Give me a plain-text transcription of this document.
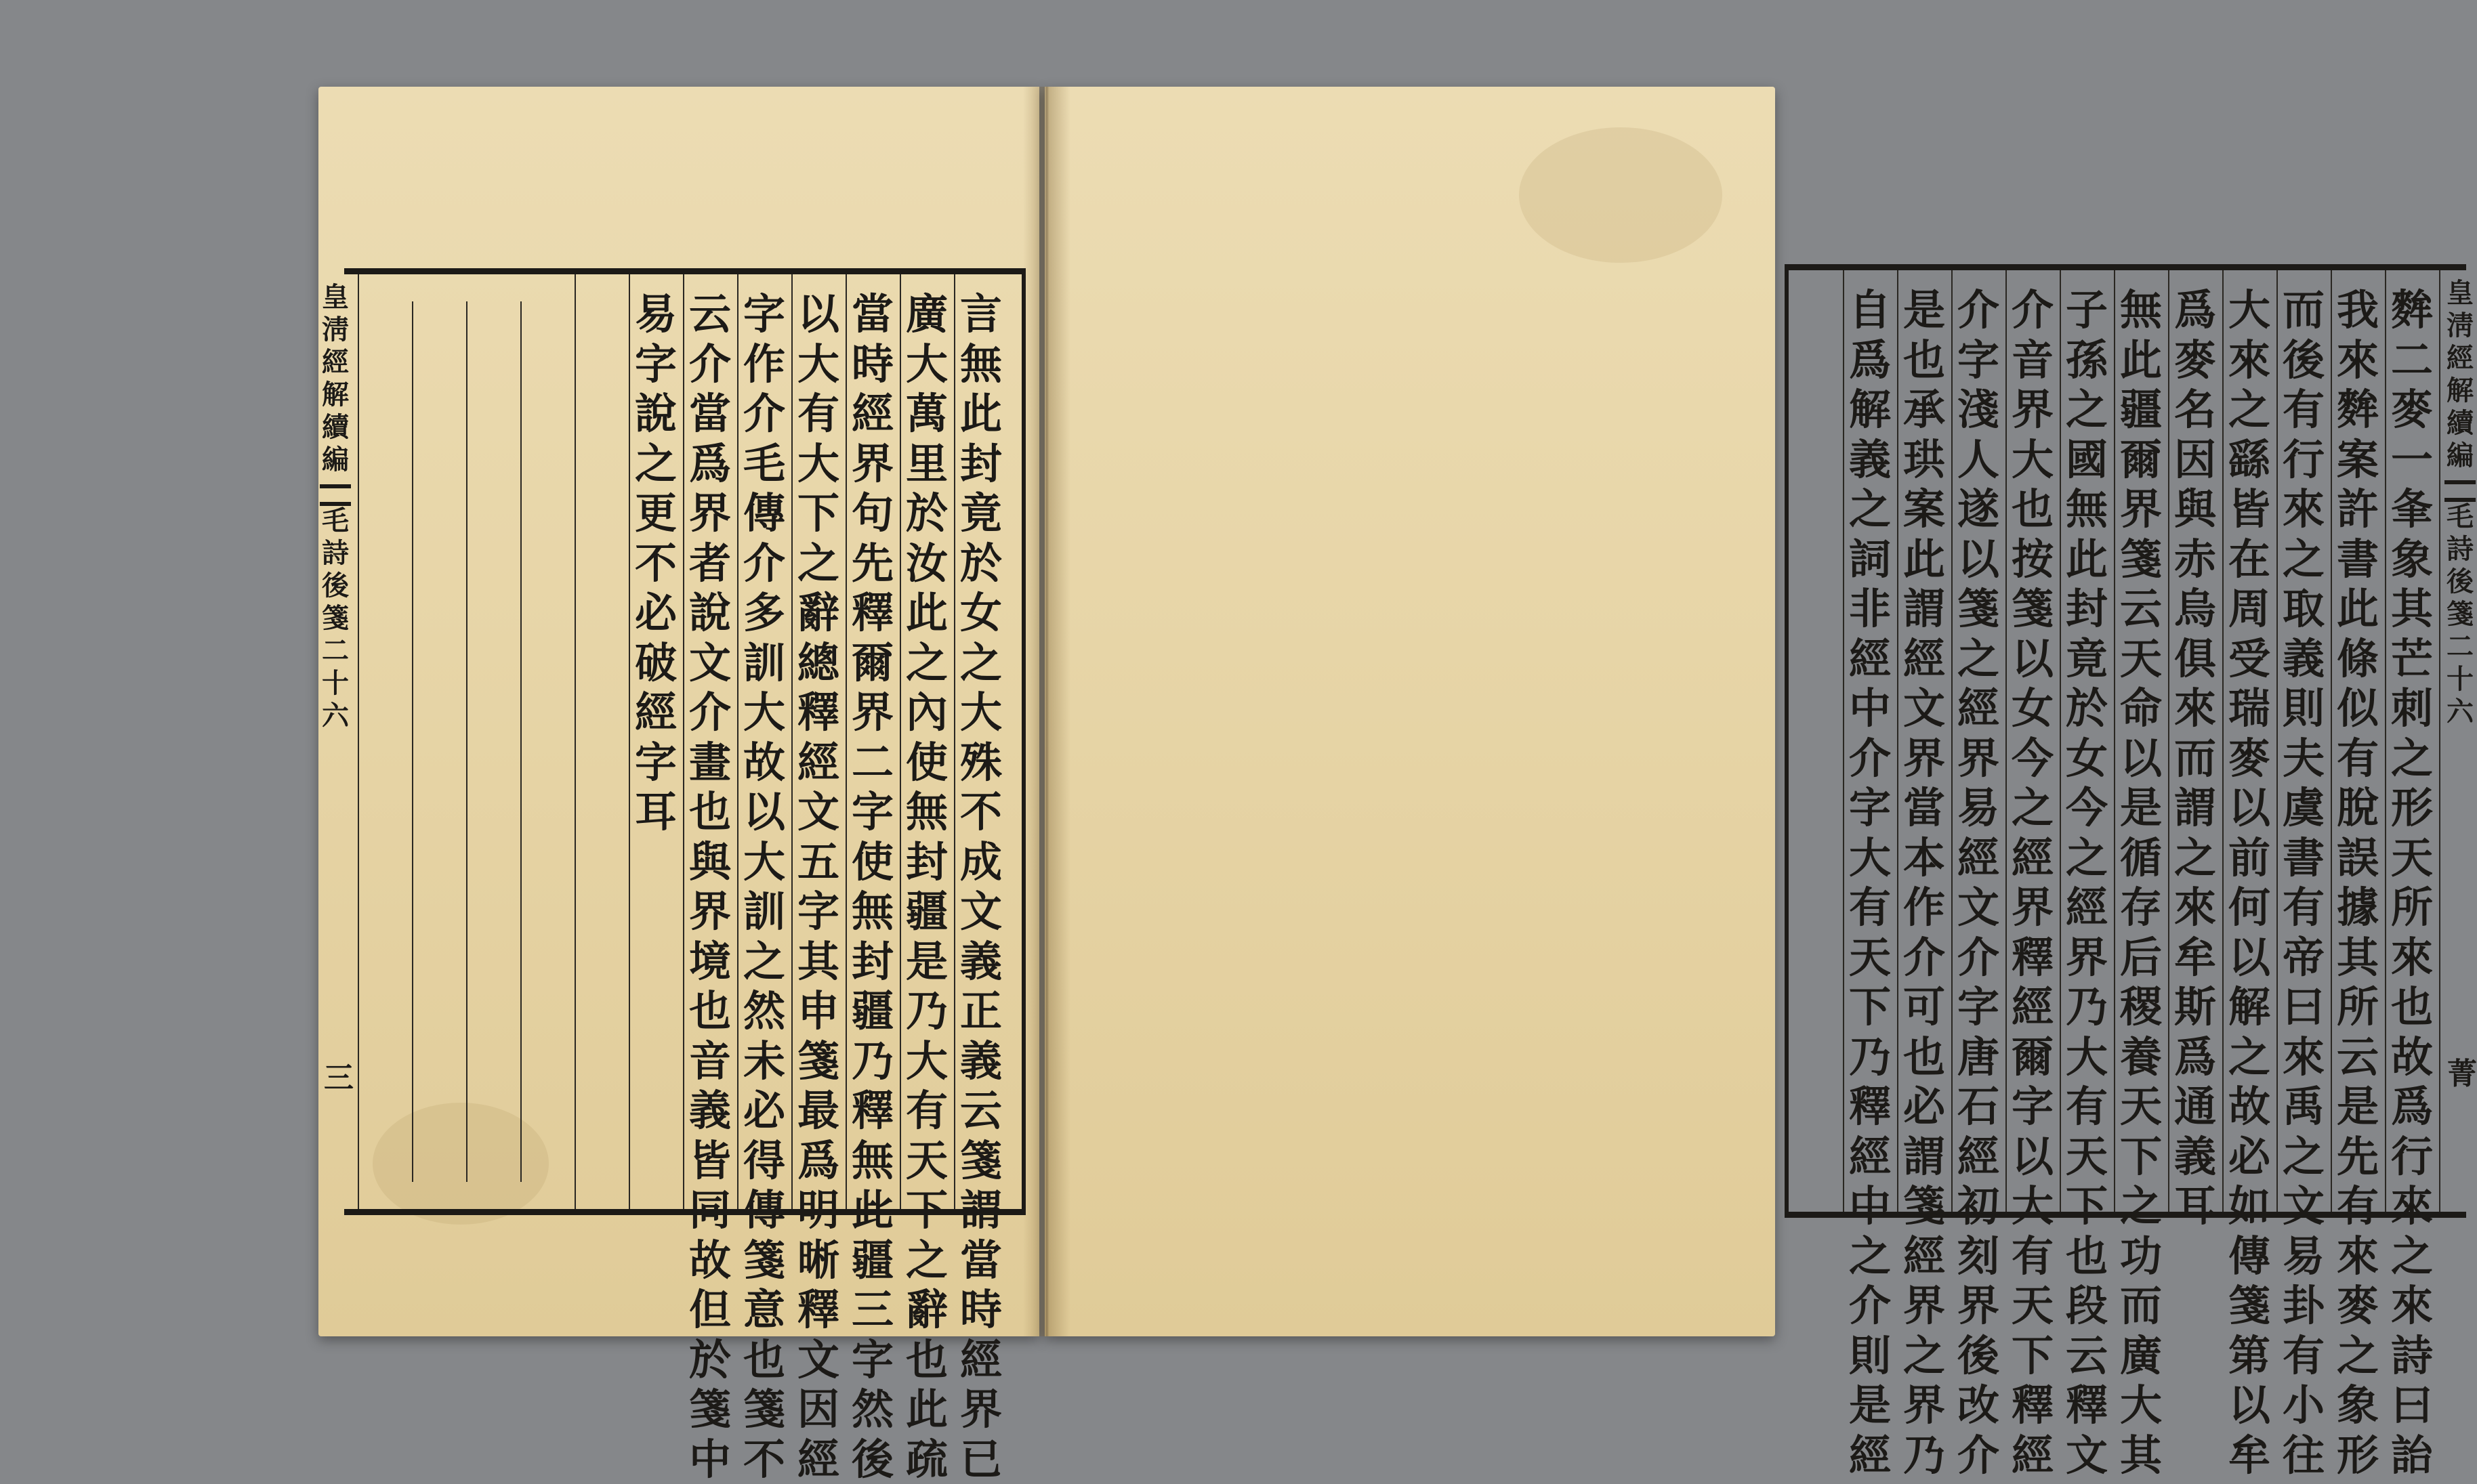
皇
淸
經
解
續
編
毛
詩
後
箋
二
十
六
三
言
無
此
封
竟
於
女
之
大
殊
不
成
文
義
正
義
云
箋
謂
當
時
經
界
已
廣
大
萬
里
於
汝
此
之
內
使
無
封
疆
是
乃
大
有
天
下
之
辭
也
此
疏
當
時
經
界
句
先
釋
爾
界
二
字
使
無
封
疆
乃
釋
無
此
疆
三
字
然
後
以
大
有
大
下
之
辭
總
釋
經
文
五
字
其
申
箋
最
爲
明
晰
釋
文
因
經
字
作
介
毛
傳
介
多
訓
大
故
以
大
訓
之
然
未
必
得
傳
箋
意
也
箋
不
云
介
當
爲
界
者
說
文
介
畫
也
與
界
境
也
音
義
皆
同
故
但
於
箋
中
易
字
說
之
更
不
必
破
經
字
耳
麰
二
麥
一
夆
象
其
芒
刺
之
形
天
所
來
也
故
爲
行
來
之
來
詩
曰
詒
我
來
麰
案
許
書
此
條
似
有
脫
誤
據
其
所
云
是
先
有
來
麥
之
象
形
而
後
有
行
來
之
取
義
則
夫
虞
書
有
帝
曰
來
禹
之
文
易
卦
有
小
往
大
來
之
繇
皆
在
周
受
瑞
麥
以
前
何
以
解
之
故
必
如
傳
箋
第
以
牟
爲
麥
名
因
與
赤
烏
俱
來
而
謂
之
來
牟
斯
爲
通
義
耳
無
此
疆
爾
界
箋
云
天
命
以
是
循
存
后
稷
養
天
下
之
功
而
廣
大
其
子
孫
之
國
無
此
封
竟
於
女
今
之
經
界
乃
大
有
天
下
也
段
云
釋
文
介
音
界
大
也
按
箋
以
女
今
之
經
界
釋
經
爾
字
以
大
有
天
下
釋
經
介
字
淺
人
遂
以
箋
之
經
界
易
經
文
介
字
唐
石
經
初
刻
界
後
改
介
是
也
承
珙
案
此
謂
經
文
界
當
本
作
介
可
也
必
謂
箋
經
界
之
界
乃
自
爲
解
義
之
詞
非
經
中
介
字
大
有
天
下
乃
釋
經
中
之
介
則
是
經
皇
淸
經
解
續
編
毛
詩
後
箋
二
十
六
菁
